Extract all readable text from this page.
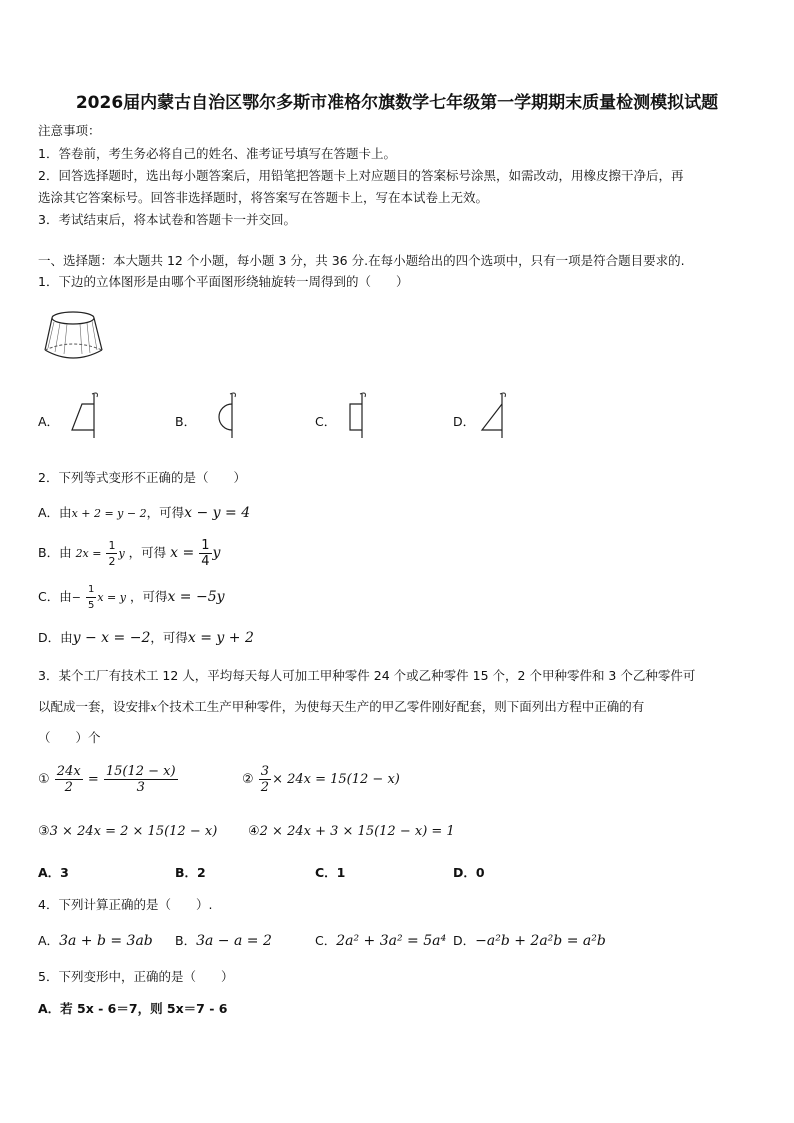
2026届内蒙古自治区鄂尔多斯市准格尔旗数学七年级第一学期期末质量检测模拟试题
注意事项：
1．答卷前，考生务必将自己的姓名、准考证号填写在答题卡上。
2．回答选择题时，选出每小题答案后，用铅笔把答题卡上对应题目的答案标号涂黑，如需改动，用橡皮擦干净后，再
选涂其它答案标号。回答非选择题时，将答案写在答题卡上，写在本试卷上无效。
3．考试结束后，将本试卷和答题卡一并交回。
一、选择题：本大题共 12 个小题，每小题 3 分，共 36 分.在每小题给出的四个选项中，只有一项是符合题目要求的.
1．下边的立体图形是由哪个平面图形绕轴旋转一周得到的（　　）
A．	B．	C．	D．
2．下列等式变形不正确的是（　　）
A．由x + 2 = y − 2，可得x − y = 4
B．由 $2x = \frac{1}{2}$ y ，可得 $x = \frac{1}{4}$ y
C．由− $\frac{1}{5}$ x = y ，可得x = −5y
D．由y − x = −2，可得x = y + 2
3．某个工厂有技术工 12 人，平均每天每人可加工甲种零件 24 个或乙种零件 15 个，2 个甲种零件和 3 个乙种零件可
以配成一套，设安排x个技术工生产甲种零件，为使每天生产的甲乙零件刚好配套，则下面列出方程中正确的有
（　　）个
① $\frac{24x}{2} = \frac{15(12 - x)}{3}$	② $\frac{3}{2} \times 24x = 15(12 - x)$
③3 × 24x = 2 × 15(12 − x) ④2 × 24x + 3 × 15(12 − x) = 1
A．3	B．2	C．1	D．0
4．下列计算正确的是（　　）.
A．3a + b = 3ab B．3a − a = 2	C．2a² + 3a² = 5a⁴ D．−a²b + 2a²b = a²b
5．下列变形中，正确的是（　　）
A．若 5x - 6＝7，则 5x＝7 - 6
